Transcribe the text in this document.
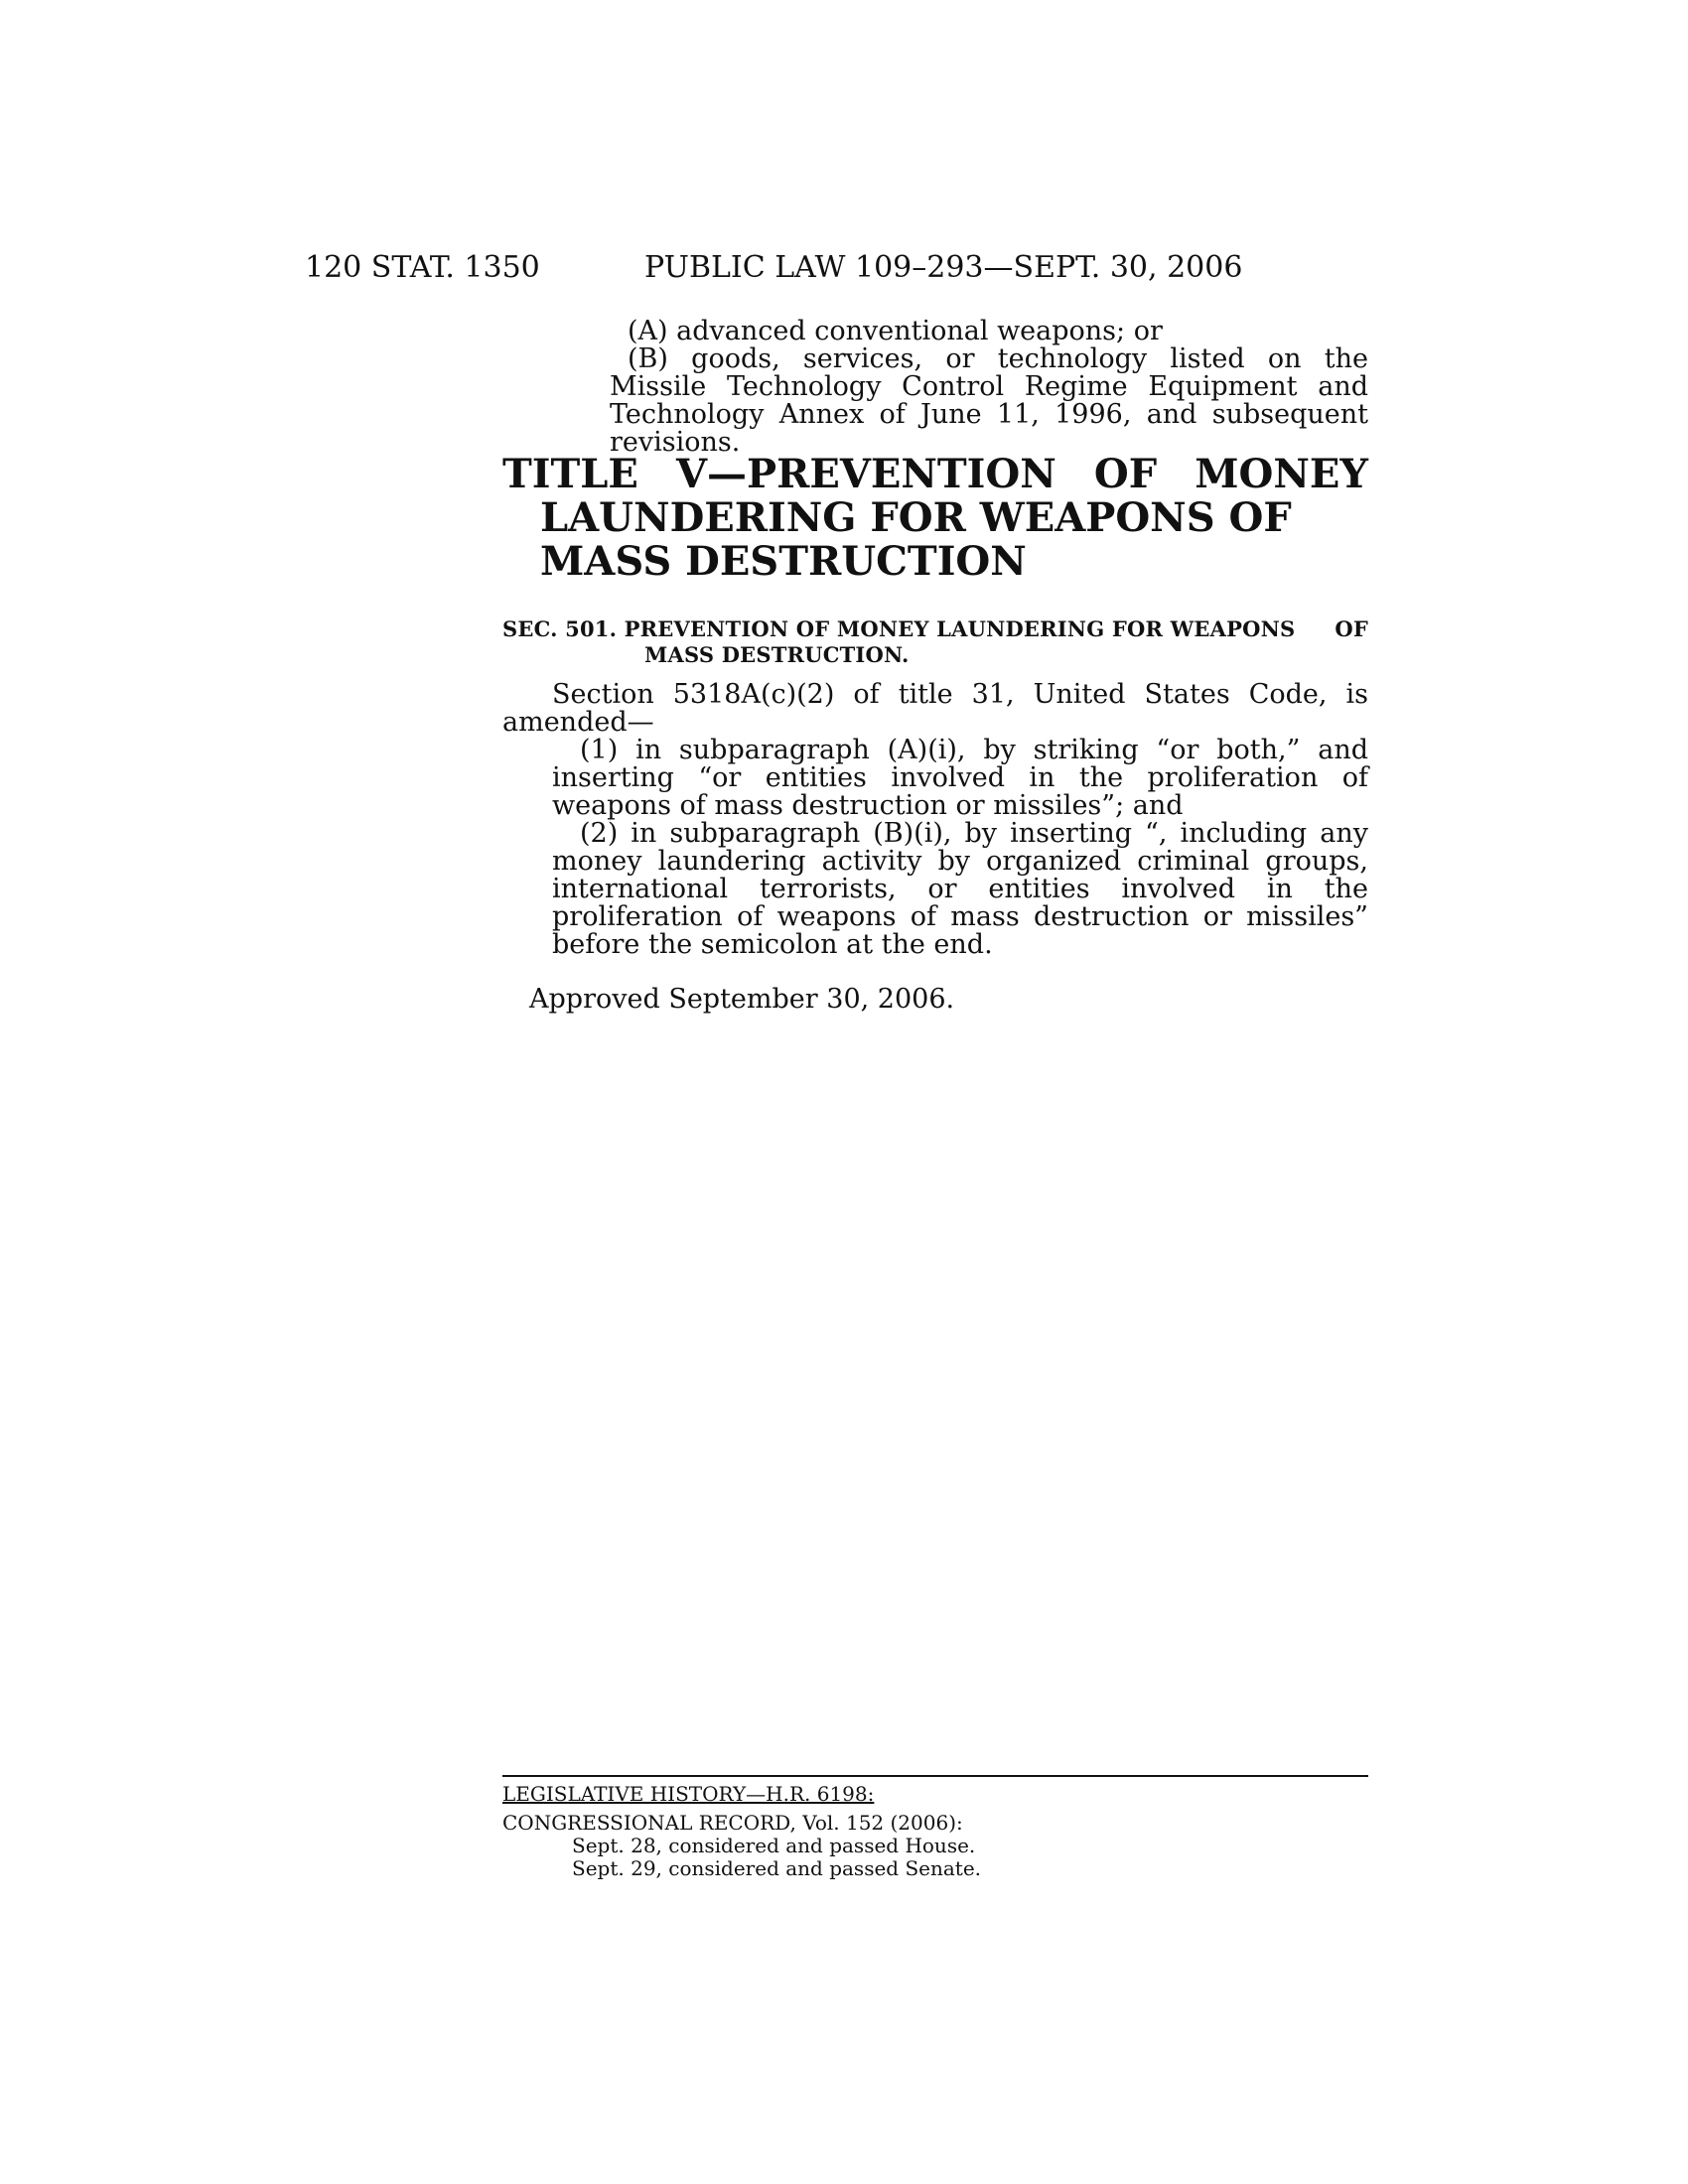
120 STAT. 1350	PUBLIC LAW 109–293—SEPT. 30, 2006

(A) advanced conventional weapons; or

(B) goods, services, or technology listed on the Missile Technology Control Regime Equipment and Technology Annex of June 11, 1996, and subsequent revisions.

TITLE V—PREVENTION OF MONEY
LAUNDERING FOR WEAPONS OF MASS DESTRUCTION
SEC. 501. PREVENTION OF MONEY LAUNDERING FOR WEAPONS OF
MASS DESTRUCTION.

Section 5318A(c)(2) of title 31, United States Code, is amended—

(1) in subparagraph (A)(i), by striking “or both,” and inserting “or entities involved in the proliferation of weapons of mass destruction or missiles”; and

(2) in subparagraph (B)(i), by inserting “, including any money laundering activity by organized criminal groups, international terrorists, or entities involved in the proliferation of weapons of mass destruction or missiles” before the semicolon at the end.

Approved September 30, 2006.

LEGISLATIVE HISTORY—H.R. 6198:

CONGRESSIONAL RECORD, Vol. 152 (2006):

Sept. 28, considered and passed House.

Sept. 29, considered and passed Senate.
